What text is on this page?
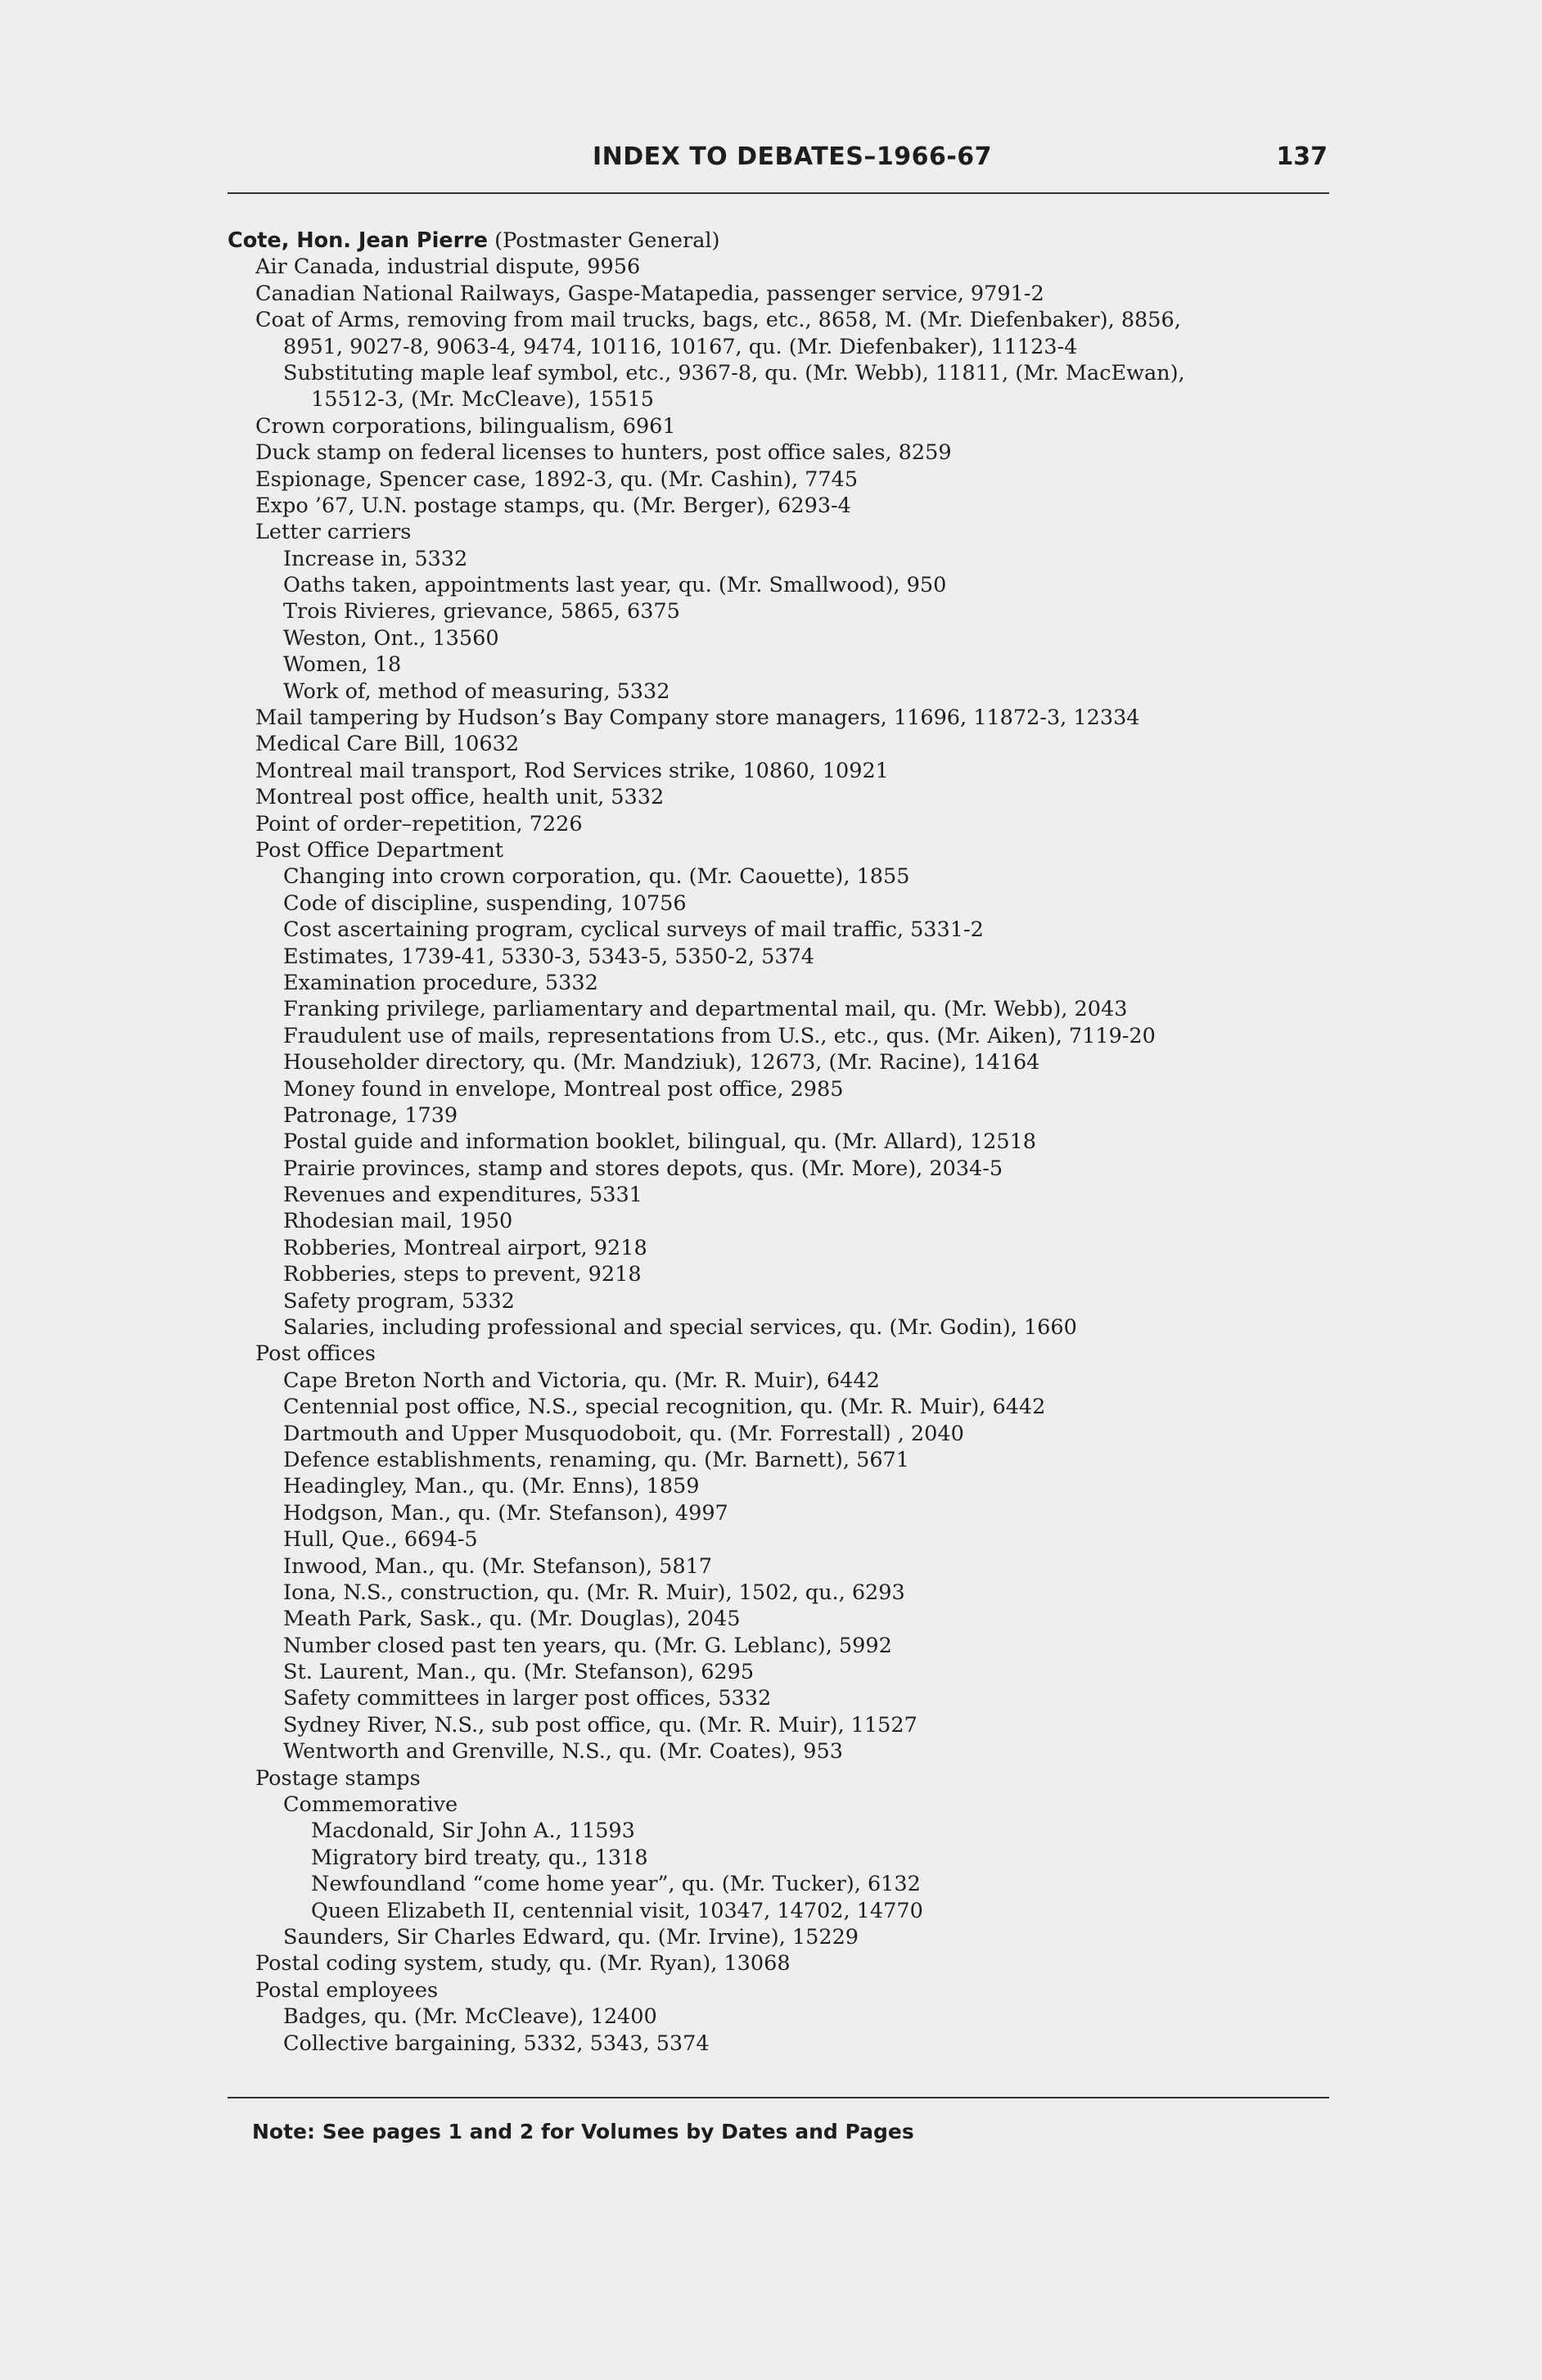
INDEX TO DEBATES–1966-67	137
Cote, Hon. Jean Pierre (Postmaster General)
Air Canada, industrial dispute, 9956
Canadian National Railways, Gaspe-Matapedia, passenger service, 9791-2
Coat of Arms, removing from mail trucks, bags, etc., 8658, M. (Mr. Diefenbaker), 8856,
8951, 9027-8, 9063-4, 9474, 10116, 10167, qu. (Mr. Diefenbaker), 11123-4
Substituting maple leaf symbol, etc., 9367-8, qu. (Mr. Webb), 11811, (Mr. MacEwan),
15512-3, (Mr. McCleave), 15515
Crown corporations, bilingualism, 6961
Duck stamp on federal licenses to hunters, post office sales, 8259
Espionage, Spencer case, 1892-3, qu. (Mr. Cashin), 7745
Expo ’67, U.N. postage stamps, qu. (Mr. Berger), 6293-4
Letter carriers
Increase in, 5332
Oaths taken, appointments last year, qu. (Mr. Smallwood), 950
Trois Rivieres, grievance, 5865, 6375
Weston, Ont., 13560
Women, 18
Work of, method of measuring, 5332
Mail tampering by Hudson’s Bay Company store managers, 11696, 11872-3, 12334
Medical Care Bill, 10632
Montreal mail transport, Rod Services strike, 10860, 10921
Montreal post office, health unit, 5332
Point of order–repetition, 7226
Post Office Department
Changing into crown corporation, qu. (Mr. Caouette), 1855
Code of discipline, suspending, 10756
Cost ascertaining program, cyclical surveys of mail traffic, 5331-2
Estimates, 1739-41, 5330-3, 5343-5, 5350-2, 5374
Examination procedure, 5332
Franking privilege, parliamentary and departmental mail, qu. (Mr. Webb), 2043
Fraudulent use of mails, representations from U.S., etc., qus. (Mr. Aiken), 7119-20
Householder directory, qu. (Mr. Mandziuk), 12673, (Mr. Racine), 14164
Money found in envelope, Montreal post office, 2985
Patronage, 1739
Postal guide and information booklet, bilingual, qu. (Mr. Allard), 12518
Prairie provinces, stamp and stores depots, qus. (Mr. More), 2034-5
Revenues and expenditures, 5331
Rhodesian mail, 1950
Robberies, Montreal airport, 9218
Robberies, steps to prevent, 9218
Safety program, 5332
Salaries, including professional and special services, qu. (Mr. Godin), 1660
Post offices
Cape Breton North and Victoria, qu. (Mr. R. Muir), 6442
Centennial post office, N.S., special recognition, qu. (Mr. R. Muir), 6442
Dartmouth and Upper Musquodoboit, qu. (Mr. Forrestall) , 2040
Defence establishments, renaming, qu. (Mr. Barnett), 5671
Headingley, Man., qu. (Mr. Enns), 1859
Hodgson, Man., qu. (Mr. Stefanson), 4997
Hull, Que., 6694-5
Inwood, Man., qu. (Mr. Stefanson), 5817
Iona, N.S., construction, qu. (Mr. R. Muir), 1502, qu., 6293
Meath Park, Sask., qu. (Mr. Douglas), 2045
Number closed past ten years, qu. (Mr. G. Leblanc), 5992
St. Laurent, Man., qu. (Mr. Stefanson), 6295
Safety committees in larger post offices, 5332
Sydney River, N.S., sub post office, qu. (Mr. R. Muir), 11527
Wentworth and Grenville, N.S., qu. (Mr. Coates), 953
Postage stamps
Commemorative
Macdonald, Sir John A., 11593
Migratory bird treaty, qu., 1318
Newfoundland “come home year”, qu. (Mr. Tucker), 6132
Queen Elizabeth II, centennial visit, 10347, 14702, 14770
Saunders, Sir Charles Edward, qu. (Mr. Irvine), 15229
Postal coding system, study, qu. (Mr. Ryan), 13068
Postal employees
Badges, qu. (Mr. McCleave), 12400
Collective bargaining, 5332, 5343, 5374
Note: See pages 1 and 2 for Volumes by Dates and Pages
